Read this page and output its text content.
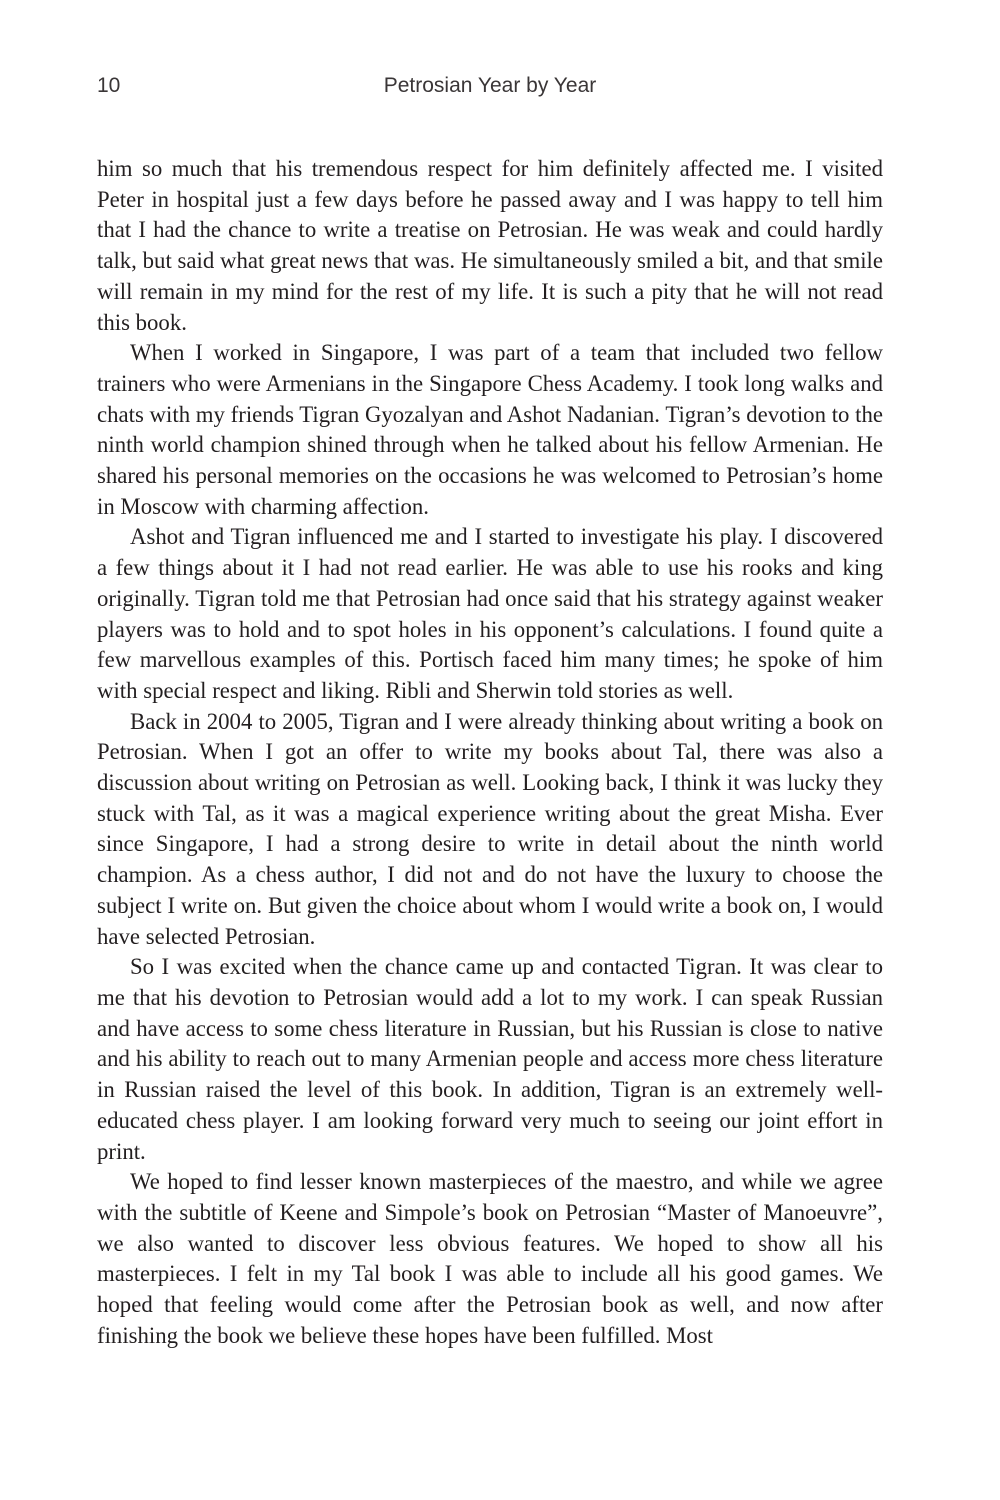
10	Petrosian Year by Year

him so much that his tremendous respect for him definitely affected me. I visited Peter in hospital just a few days before he passed away and I was happy to tell him that I had the chance to write a treatise on Petrosian. He was weak and could hardly talk, but said what great news that was. He simultaneously smiled a bit, and that smile will remain in my mind for the rest of my life. It is such a pity that he will not read this book.

When I worked in Singapore, I was part of a team that included two fellow trainers who were Armenians in the Singapore Chess Academy. I took long walks and chats with my friends Tigran Gyozalyan and Ashot Nadanian. Tigran’s devotion to the ninth world champion shined through when he talked about his fellow Armenian. He shared his personal memories on the occasions he was welcomed to Petrosian’s home in Moscow with charming affection.

Ashot and Tigran influenced me and I started to investigate his play. I discovered a few things about it I had not read earlier. He was able to use his rooks and king originally. Tigran told me that Petrosian had once said that his strategy against weaker players was to hold and to spot holes in his opponent’s calculations. I found quite a few marvellous examples of this. Portisch faced him many times; he spoke of him with special respect and liking. Ribli and Sherwin told stories as well.

Back in 2004 to 2005, Tigran and I were already thinking about writing a book on Petrosian. When I got an offer to write my books about Tal, there was also a discussion about writing on Petrosian as well. Looking back, I think it was lucky they stuck with Tal, as it was a magical experience writing about the great Misha. Ever since Singapore, I had a strong desire to write in detail about the ninth world champion. As a chess author, I did not and do not have the luxury to choose the subject I write on. But given the choice about whom I would write a book on, I would have selected Petrosian.

So I was excited when the chance came up and contacted Tigran. It was clear to me that his devotion to Petrosian would add a lot to my work. I can speak Russian and have access to some chess literature in Russian, but his Russian is close to native and his ability to reach out to many Armenian people and access more chess literature in Russian raised the level of this book. In addition, Tigran is an extremely well-educated chess player. I am looking forward very much to seeing our joint effort in print.

We hoped to find lesser known masterpieces of the maestro, and while we agree with the subtitle of Keene and Simpole’s book on Petrosian “Master of Manoeuvre”, we also wanted to discover less obvious features. We hoped to show all his masterpieces. I felt in my Tal book I was able to include all his good games. We hoped that feeling would come after the Petrosian book as well, and now after finishing the book we believe these hopes have been fulfilled. Most
